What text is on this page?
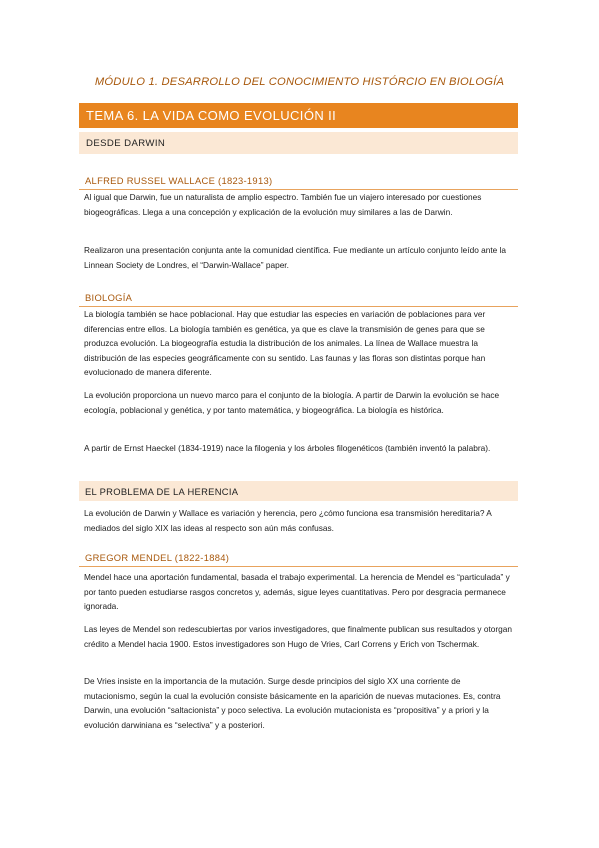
MÓDULO 1. DESARROLLO DEL CONOCIMIENTO HISTÓRCIO EN BIOLOGÍA
TEMA 6. LA VIDA COMO EVOLUCIÓN II
DESDE DARWIN
ALFRED RUSSEL WALLACE (1823-1913)

Al igual que Darwin, fue un naturalista de amplio espectro. También fue un viajero interesado por cuestiones biogeográficas. Llega a una concepción y explicación de la evolución muy similares a las de Darwin.

Realizaron una presentación conjunta ante la comunidad científica. Fue mediante un artículo conjunto leído ante la Linnean Society de Londres, el “Darwin-Wallace” paper.

BIOLOGÍA

La biología también se hace poblacional. Hay que estudiar las especies en variación de poblaciones para ver diferencias entre ellos. La biología también es genética, ya que es clave la transmisión de genes para que se produzca evolución. La biogeografía estudia la distribución de los animales. La línea de Wallace muestra la distribución de las especies geográficamente con su sentido. Las faunas y las floras son distintas porque han evolucionado de manera diferente.

La evolución proporciona un nuevo marco para el conjunto de la biología. A partir de Darwin la evolución se hace ecología, poblacional y genética, y por tanto matemática, y biogeográfica. La biología es histórica.

A partir de Ernst Haeckel (1834-1919) nace la filogenia y los árboles filogenéticos (también inventó la palabra).

EL PROBLEMA DE LA HERENCIA

La evolución de Darwin y Wallace es variación y herencia, pero ¿cómo funciona esa transmisión hereditaria? A mediados del siglo XIX las ideas al respecto son aún más confusas.

GREGOR MENDEL (1822-1884)

Mendel hace una aportación fundamental, basada el trabajo experimental. La herencia de Mendel es “particulada” y por tanto pueden estudiarse rasgos concretos y, además, sigue leyes cuantitativas. Pero por desgracia permanece ignorada.

Las leyes de Mendel son redescubiertas por varios investigadores, que finalmente publican sus resultados y otorgan crédito a Mendel hacia 1900. Estos investigadores son Hugo de Vries, Carl Correns y Erich von Tschermak.

De Vries insiste en la importancia de la mutación. Surge desde principios del siglo XX una corriente de mutacionismo, según la cual la evolución consiste básicamente en la aparición de nuevas mutaciones. Es, contra Darwin, una evolución “saltacionista” y poco selectiva. La evolución mutacionista es “propositiva” y a priori y la evolución darwiniana es “selectiva” y a posteriori.
